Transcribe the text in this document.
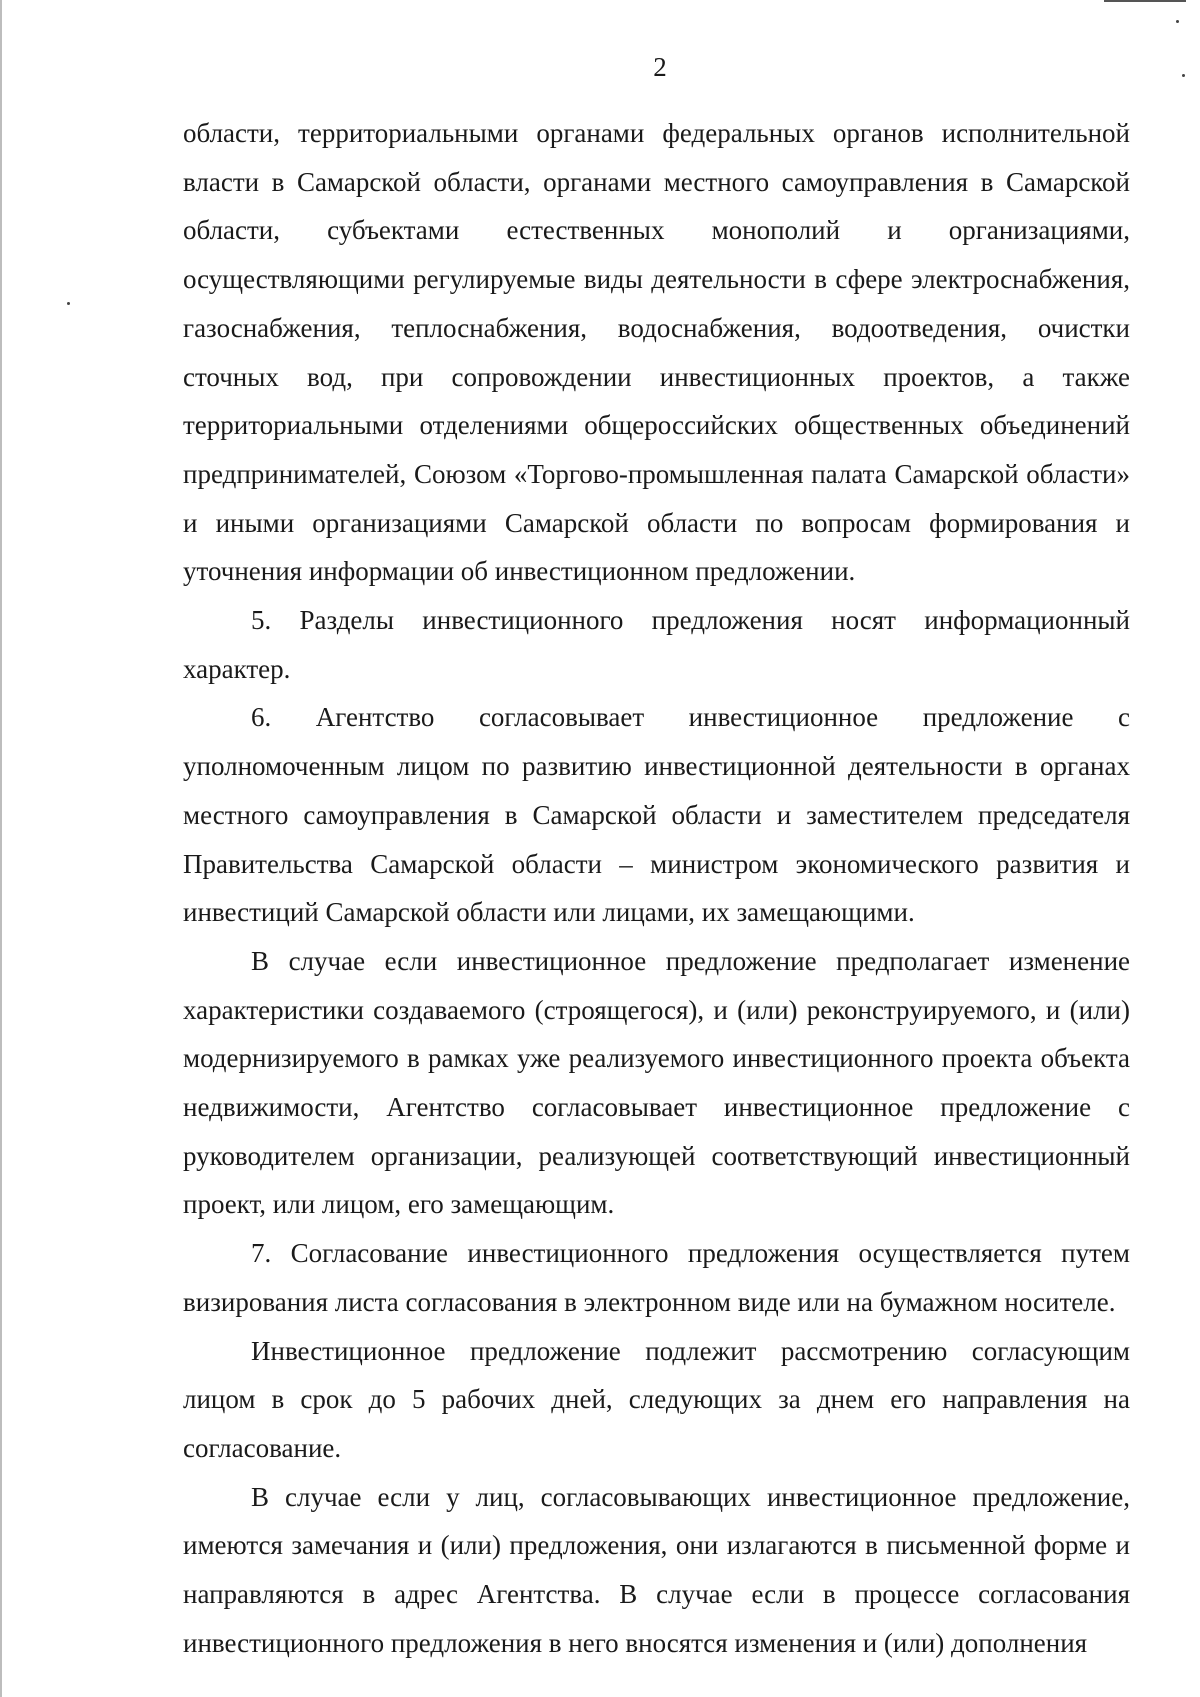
2

области, территориальными органами федеральных органов исполнительной власти в Самарской области, органами местного самоуправления в Самарской области, субъектами естественных монополий и организациями, осуществляющими регулируемые виды деятельности в сфере электроснабжения, газоснабжения, теплоснабжения, водоснабжения, водоотведения, очистки сточных вод, при сопровождении инвестиционных проектов, а также территориальными отделениями общероссийских общественных объединений предпринимателей, Союзом «Торгово-промышленная палата Самарской области» и иными организациями Самарской области по вопросам формирования и уточнения информации об инвестиционном предложении.

5. Разделы инвестиционного предложения носят информационный характер.

6. Агентство согласовывает инвестиционное предложение с уполномоченным лицом по развитию инвестиционной деятельности в органах местного самоуправления в Самарской области и заместителем председателя Правительства Самарской области – министром экономического развития и инвестиций Самарской области или лицами, их замещающими.

В случае если инвестиционное предложение предполагает изменение характеристики создаваемого (строящегося), и (или) реконструируемого, и (или) модернизируемого в рамках уже реализуемого инвестиционного проекта объекта недвижимости, Агентство согласовывает инвестиционное предложение с руководителем организации, реализующей соответствующий инвестиционный проект, или лицом, его замещающим.

7. Согласование инвестиционного предложения осуществляется путем визирования листа согласования в электронном виде или на бумажном носителе.

Инвестиционное предложение подлежит рассмотрению согласующим лицом в срок до 5 рабочих дней, следующих за днем его направления на согласование.

В случае если у лиц, согласовывающих инвестиционное предложение, имеются замечания и (или) предложения, они излагаются в письменной форме и направляются в адрес Агентства. В случае если в процессе согласования инвестиционного предложения в него вносятся изменения и (или) дополнения
